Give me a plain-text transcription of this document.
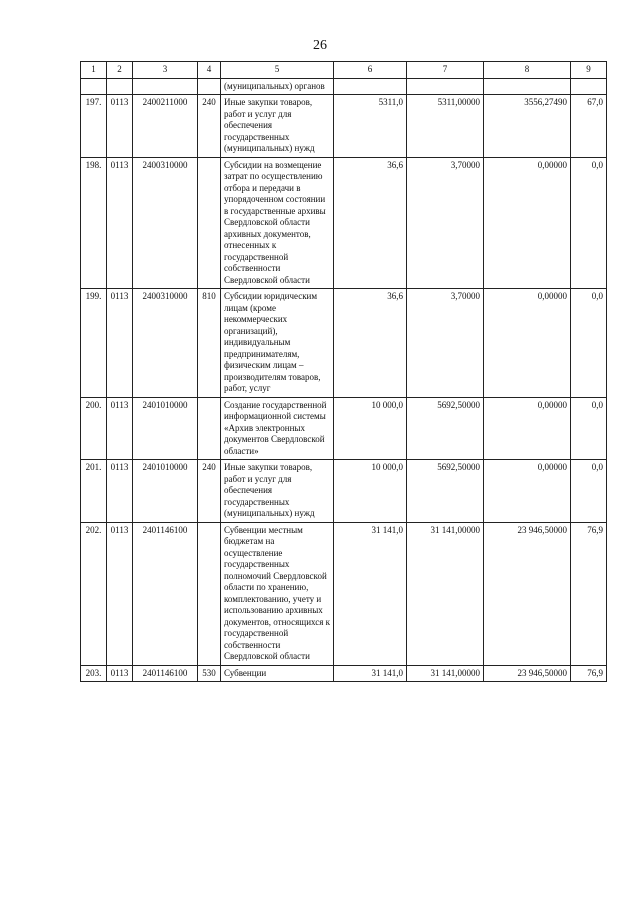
26
1	2	3	4	5	6	7	8	9
				(муниципальных) органов				
197.	0113	2400211000	240	Иные закупки товаров, работ и услуг для обеспечения государственных (муниципальных) нужд	5311,0	5311,00000	3556,27490	67,0
198.	0113	2400310000		Субсидии на возмещение затрат по осуществлению отбора и передачи в упорядоченном состоянии в государственные архивы Свердловской области архивных документов, отнесенных к государственной собственности Свердловской области	36,6	3,70000	0,00000	0,0
199.	0113	2400310000	810	Субсидии юридическим лицам (кроме некоммерческих организаций), индивидуальным предпринимателям, физическим лицам – производителям товаров, работ, услуг	36,6	3,70000	0,00000	0,0
200.	0113	2401010000		Создание государственной информационной системы «Архив электронных документов Свердловской области»	10 000,0	5692,50000	0,00000	0,0
201.	0113	2401010000	240	Иные закупки товаров, работ и услуг для обеспечения государственных (муниципальных) нужд	10 000,0	5692,50000	0,00000	0,0
202.	0113	2401146100		Субвенции местным бюджетам на осуществление государственных полномочий Свердловской области по хранению, комплектованию, учету и использованию архивных документов, относящихся к государственной собственности Свердловской области	31 141,0	31 141,00000	23 946,50000	76,9
203.	0113	2401146100	530	Субвенции	31 141,0	31 141,00000	23 946,50000	76,9
